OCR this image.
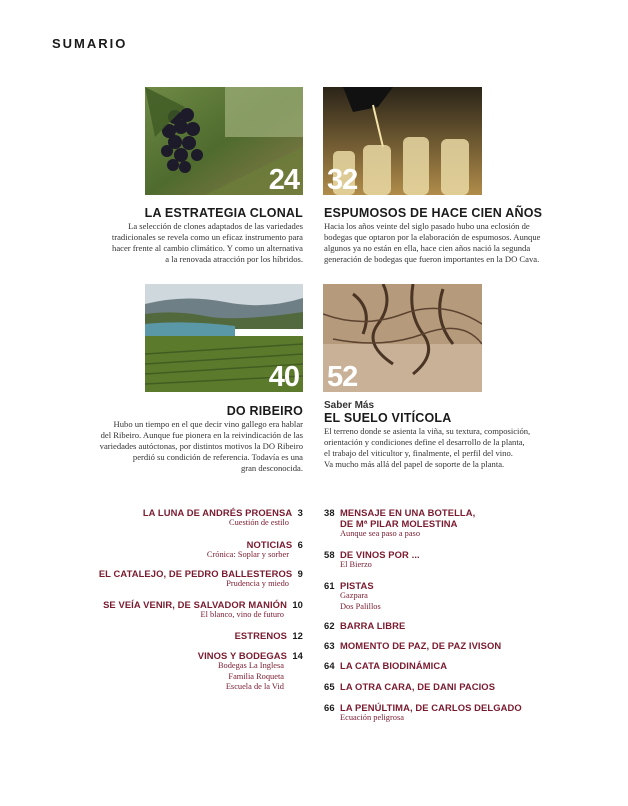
SUMARIO
24 32
LA ESTRATEGIA CLONAL
La selección de clones adaptados de las variedades
tradicionales se revela como un eficaz instrumento para
hacer frente al cambio climático. Y como un alternativa
a la renovada atracción por los híbridos.
ESPUMOSOS DE HACE CIEN AÑOS
Hacia los años veinte del siglo pasado hubo una eclosión de
bodegas que optaron por la elaboración de espumosos. Aunque
algunos ya no están en ella, hace cien años nació la segunda
generación de bodegas que fueron importantes en la DO Cava.
40 52
DO RIBEIRO
Hubo un tiempo en el que decir vino gallego era hablar
del Ribeiro. Aunque fue pionera en la reivindicación de las
variedades autóctonas, por distintos motivos la DO Ribeiro
perdió su condición de referencia. Todavía es una
gran desconocida.
Saber Más
EL SUELO VITÍCOLA
El terreno donde se asienta la viña, su textura, composición,
orientación y condiciones define el desarrollo de la planta,
el trabajo del viticultor y, finalmente, el perfil del vino.
Va mucho más allá del papel de soporte de la planta.
LA LUNA DE ANDRÉS PROENSA 3
Cuestión de estilo
NOTICIAS 6
Crónica: Soplar y sorber
EL CATALEJO, DE PEDRO BALLESTEROS 9
Prudencia y miedo
SE VEÍA VENIR, DE SALVADOR MANIÓN 10
El blanco, vino de futuro
ESTRENOS 12
VINOS Y BODEGAS 14
Bodegas La Inglesa
Familia Roqueta
Escuela de la Vid
38 MENSAJE EN UNA BOTELLA,
DE Mª PILAR MOLESTINA
Aunque sea paso a paso
58 DE VINOS POR ...
El Bierzo
61 PISTAS
Gazpara
Dos Palillos
62 BARRA LIBRE
63 MOMENTO DE PAZ, DE PAZ IVISON
64 LA CATA BIODINÁMICA
65 LA OTRA CARA, DE DANI PACIOS
66 LA PENÚLTIMA, DE CARLOS DELGADO
Ecuación peligrosa
